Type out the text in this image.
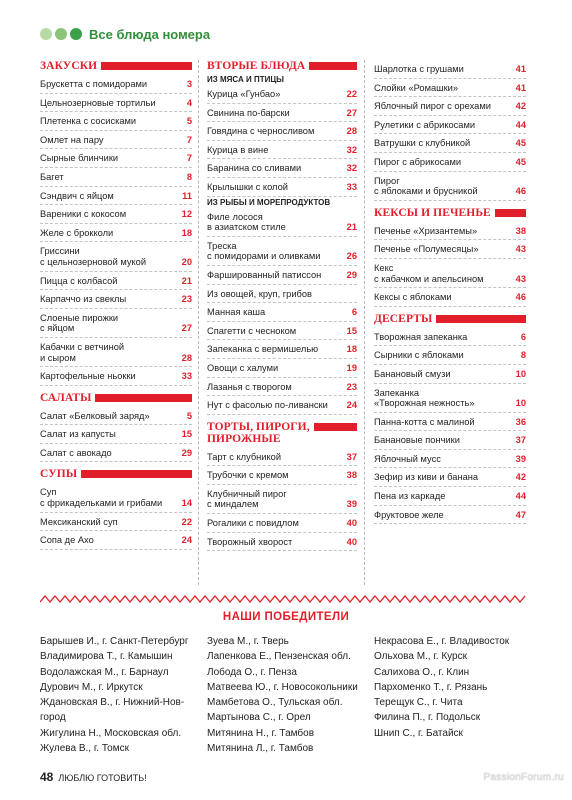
Все блюда номера
ЗАКУСКИ
Брускетта с помидорами	3
Цельнозерновые тортильи	4
Плетенка с сосисками	5
Омлет на пару	7
Сырные блинчики	7
Багет	8
Сэндвич с яйцом	11
Вареники с кокосом	12
Желе с брокколи	18
Гриссини
с цельнозерновой мукой	20
Пицца с колбасой	21
Карпаччо из свеклы	23
Слоеные пирожки
с яйцом	27
Кабачки с ветчиной
и сыром	28
Картофельные ньокки	33
САЛАТЫ
Салат «Белковый заряд»	5
Салат из капусты	15
Салат с авокадо	29
СУПЫ
Суп
с фрикадельками и грибами	14
Мексиканский суп	22
Сопа де Ахо	24
ВТОРЫЕ БЛЮДА
ИЗ МЯСА И ПТИЦЫ
Курица «Гунбао»	22
Свинина по-барски	27
Говядина с черносливом	28
Курица в вине	32
Баранина со сливами	32
Крылышки с колой	33
ИЗ РЫБЫ И МОРЕПРОДУКТОВ
Филе лосося
в азиатском стиле	21
Треска
с помидорами и оливками	26
Фаршированный патиссон	29
Из овощей, круп, грибов
Манная каша	6
Спагетти с чесноком	15
Запеканка с вермишелью	18
Овощи с халуми	19
Лазанья с творогом	23
Нут с фасолью по-ливански	24
ТОРТЫ, ПИРОГИ,
ПИРОЖНЫЕ
Тарт с клубникой	37
Трубочки с кремом	38
Клубничный пирог
с миндалем	39
Рогалики с повидлом	40
Творожный хворост	40
Шарлотка с грушами	41
Слойки «Ромашки»	41
Яблочный пирог с орехами	42
Рулетики с абрикосами	44
Ватрушки с клубникой	45
Пирог с абрикосами	45
Пирог
с яблоками и брусникой	46
КЕКСЫ И ПЕЧЕНЬЕ
Печенье «Хризантемы»	38
Печенье «Полумесяцы»	43
Кекс
с кабачком и апельсином	43
Кексы с яблоками	46
ДЕСЕРТЫ
Творожная запеканка	6
Сырники с яблоками	8
Банановый смузи	10
Запеканка
«Творожная нежность»	10
Панна-котта с малиной	36
Банановые пончики	37
Яблочный мусс	39
Зефир из киви и банана	42
Пена из каркаде	44
Фруктовое желе	47
НАШИ ПОБЕДИТЕЛИ
Барышев И., г. Санкт-Петербург
Владимирова Т., г. Камышин
Водолажская М., г. Барнаул
Дурович М., г. Иркутск
Ждановская В., г. Нижний-Нов-
город
Жигулина Н., Московская обл.
Жулева В., г. Томск
Зуева М., г. Тверь
Лапенкова Е., Пензенская обл.
Лобода О., г. Пенза
Матвеева Ю., г. Новосокольники
Мамбетова О., Тульская обл.
Мартынова С., г. Орел
Митянина Н., г. Тамбов
Митянина Л., г. Тамбов
Некрасова Е., г. Владивосток
Ольхова М., г. Курск
Салихова О., г. Клин
Пархоменко Т., г. Рязань
Терещук С., г. Чита
Филина П., г. Подольск
Шнип С., г. Батайск
48 ЛЮБЛЮ ГОТОВИТЬ!	PassionForum.ru
